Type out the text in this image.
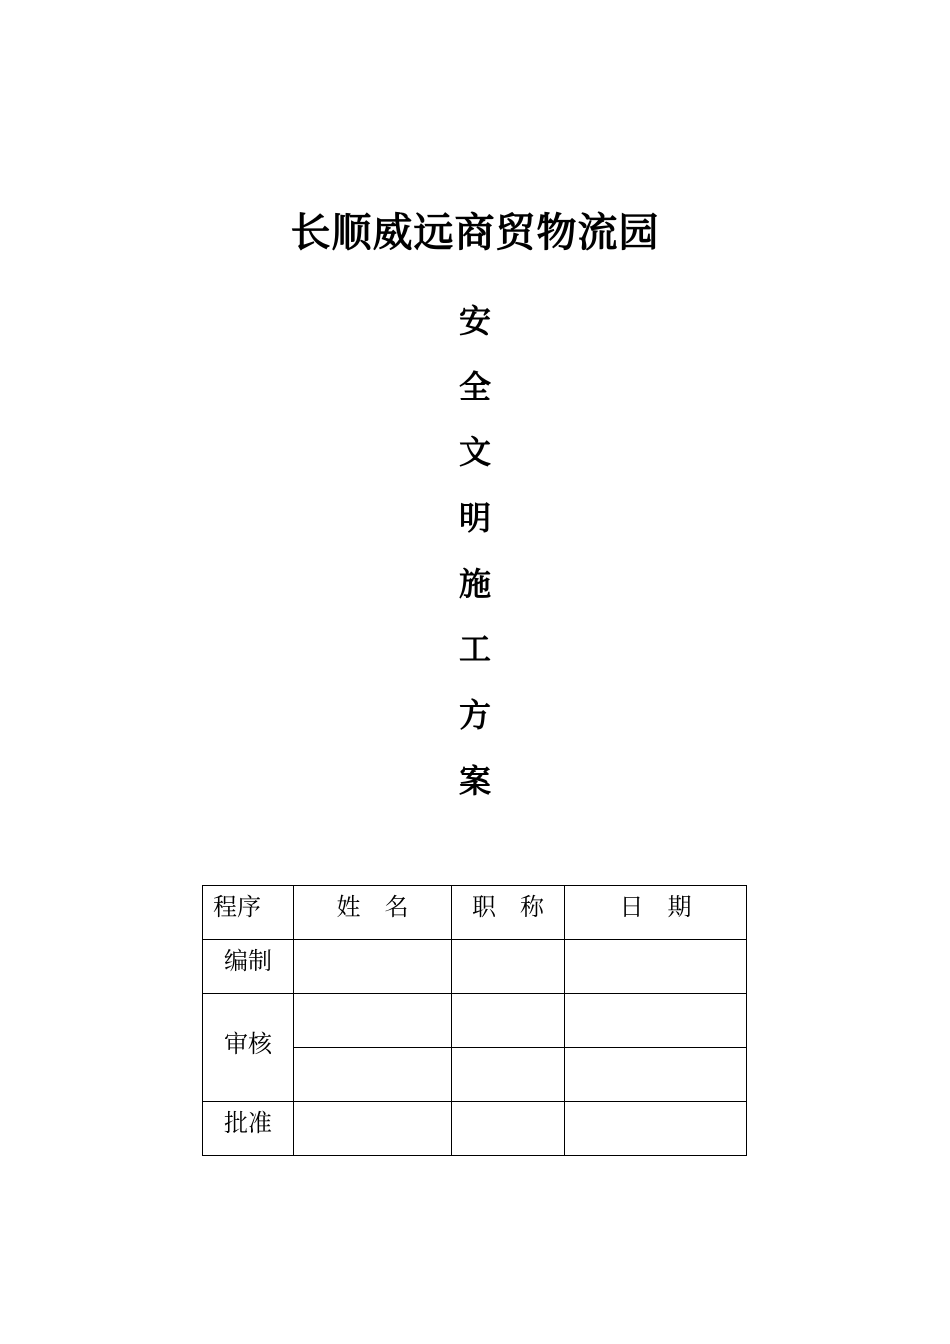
长顺威远商贸物流园
安
全
文
明
施
工
方
案
程序	姓　名	职　称	日　期

编制			

审核			

批准			
